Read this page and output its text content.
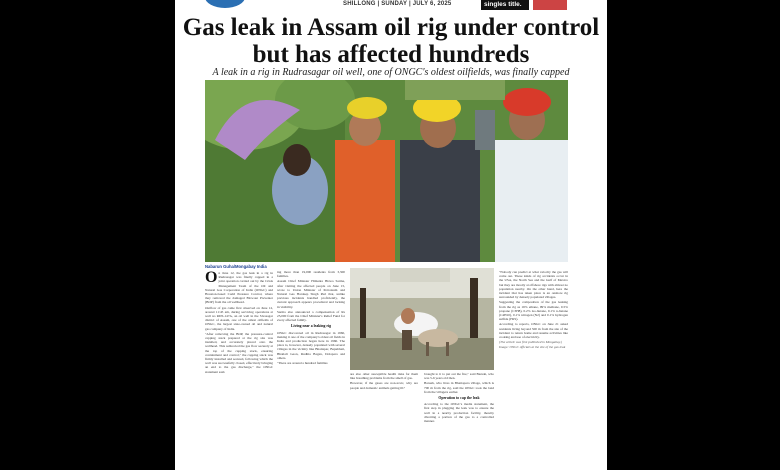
SHILLONG | SUNDAY | JULY 6, 2025	singles title.
Gas leak in Assam oil rig under control but has affected hundreds
A leak in a rig in Rudrasagar oil well, one of ONGC's oldest oilfields, was finally capped
Nabarun Guha/Mongabay India

On June 12, the gas leak in a rig in Rudrasagar was finally capped in a joint operation carried out by the Crisis Management Team of the Oil and Natural Gas Corporation of India (ONGC) and Houston-based Cudd Pressure Control, where they removed the damaged Blowout Preventer (BOP) from the oil wellhead.

Outflow of gas came first observed on June 12, around 11:45 am, during servicing operations at well no RDS-147A, an oil well in the Sivasagar district of Assam, one of the oldest oilfields of ONGC, the largest state-owned oil and natural gas company of India.

"After removing the BOP, the pressure-control capping stack prepared at the rig site was installed, and accurately placed onto the wellhead. This redirected the gas flow securely at the top of the capping stack, ensuring containment and control," the capping stack was firmly installed and secured, following which the well was successfully closed, effectively bringing an end to the gas discharge," the ONGC statement said.

ing more than 19,000 residents from 3,300 families.

Assam Chief Minister Himanta Biswa Sarma, after visiting the affected people on June 15, wrote to Union Minister of Petroleum and Natural Gas Hardeep Singh Puri that, unlike previous incidents handled proficiently, the current approach appears procedural and lacking in visibility.

Sarma also announced a compensation of Rs 25,000 from the Chief Minister's Relief Fund for every affected family.

Living near a leaking rig

ONGC discovered oil in Rudrasagar in 1960, making it one of the company's oldest oil fields in India and production began here in 1960. The place is, however, densely populated with several villages in the vicinity like Bhatiapar, Bapubheti, Bhatiali Gaon, Rudhia Bagan, Dolapara and others.

"There are around a hundred families

are also other susceptible health risks for them like breathing problems from the smell of gas.

However, if the gases are non-toxic, why are people and domestic animals getting ill?

brought to it to put out the fire," said Baruah, who was 5-6 years old then.

Baruah, who lives in Bhatiapara village, which is 700 m from the rig, said the ONGC took the land from the villagers earlier.

Operation to cap the leak

According to the ONGC's media statement, the first step in plugging the leak was to ensure the well in a nearby production facility, thereby diverting a portion of the gas to a controlled manner.

"Nobody can predict at what velocity the gas will come out. These kinds of rig accidents occur in the USA, the North Sea and the Gulf of Mexico but they are mostly at offshore rigs with almost no population nearby. On the other hand, here the incident that has taken place is an onshore rig surrounded by densely populated villages.

Suggesting the composition of the gas leaking from the rig as 16% ethane, 99% methane, 0.5% propane (C3H8), 0.2% iso-butane, 0.1% n-butane (C4H10), 0.1% nitrogen (N2) and 0.1% hydrogen sulfide (H2S).

According to reports, ONGC on June 21 asked residents living beyond 500 m from the site of the incident to return home and resume activities like cooking and use of electricity.

(The article was first published in Mongabay.)

Image: ONGC officials at the site of the gas leak
